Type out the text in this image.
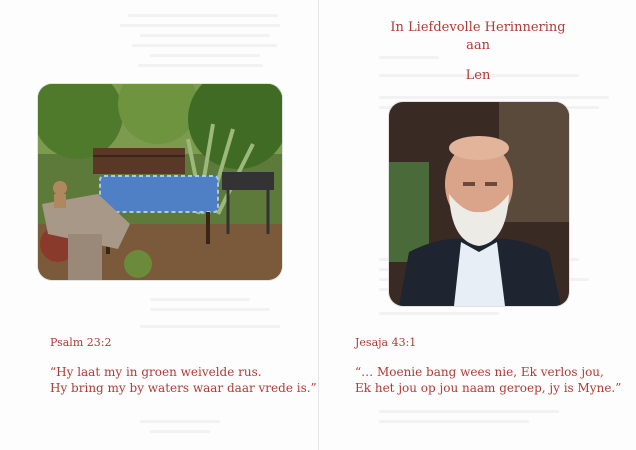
Psalm 23:2
“Hy laat my in groen weivelde rus.
Hy bring my by waters waar daar vrede is.”
In Liefdevolle Herinnering
aan
Len
Jesaja 43:1
“… Moenie bang wees nie, Ek verlos jou,
Ek het jou op jou naam geroep, jy is Myne.”
